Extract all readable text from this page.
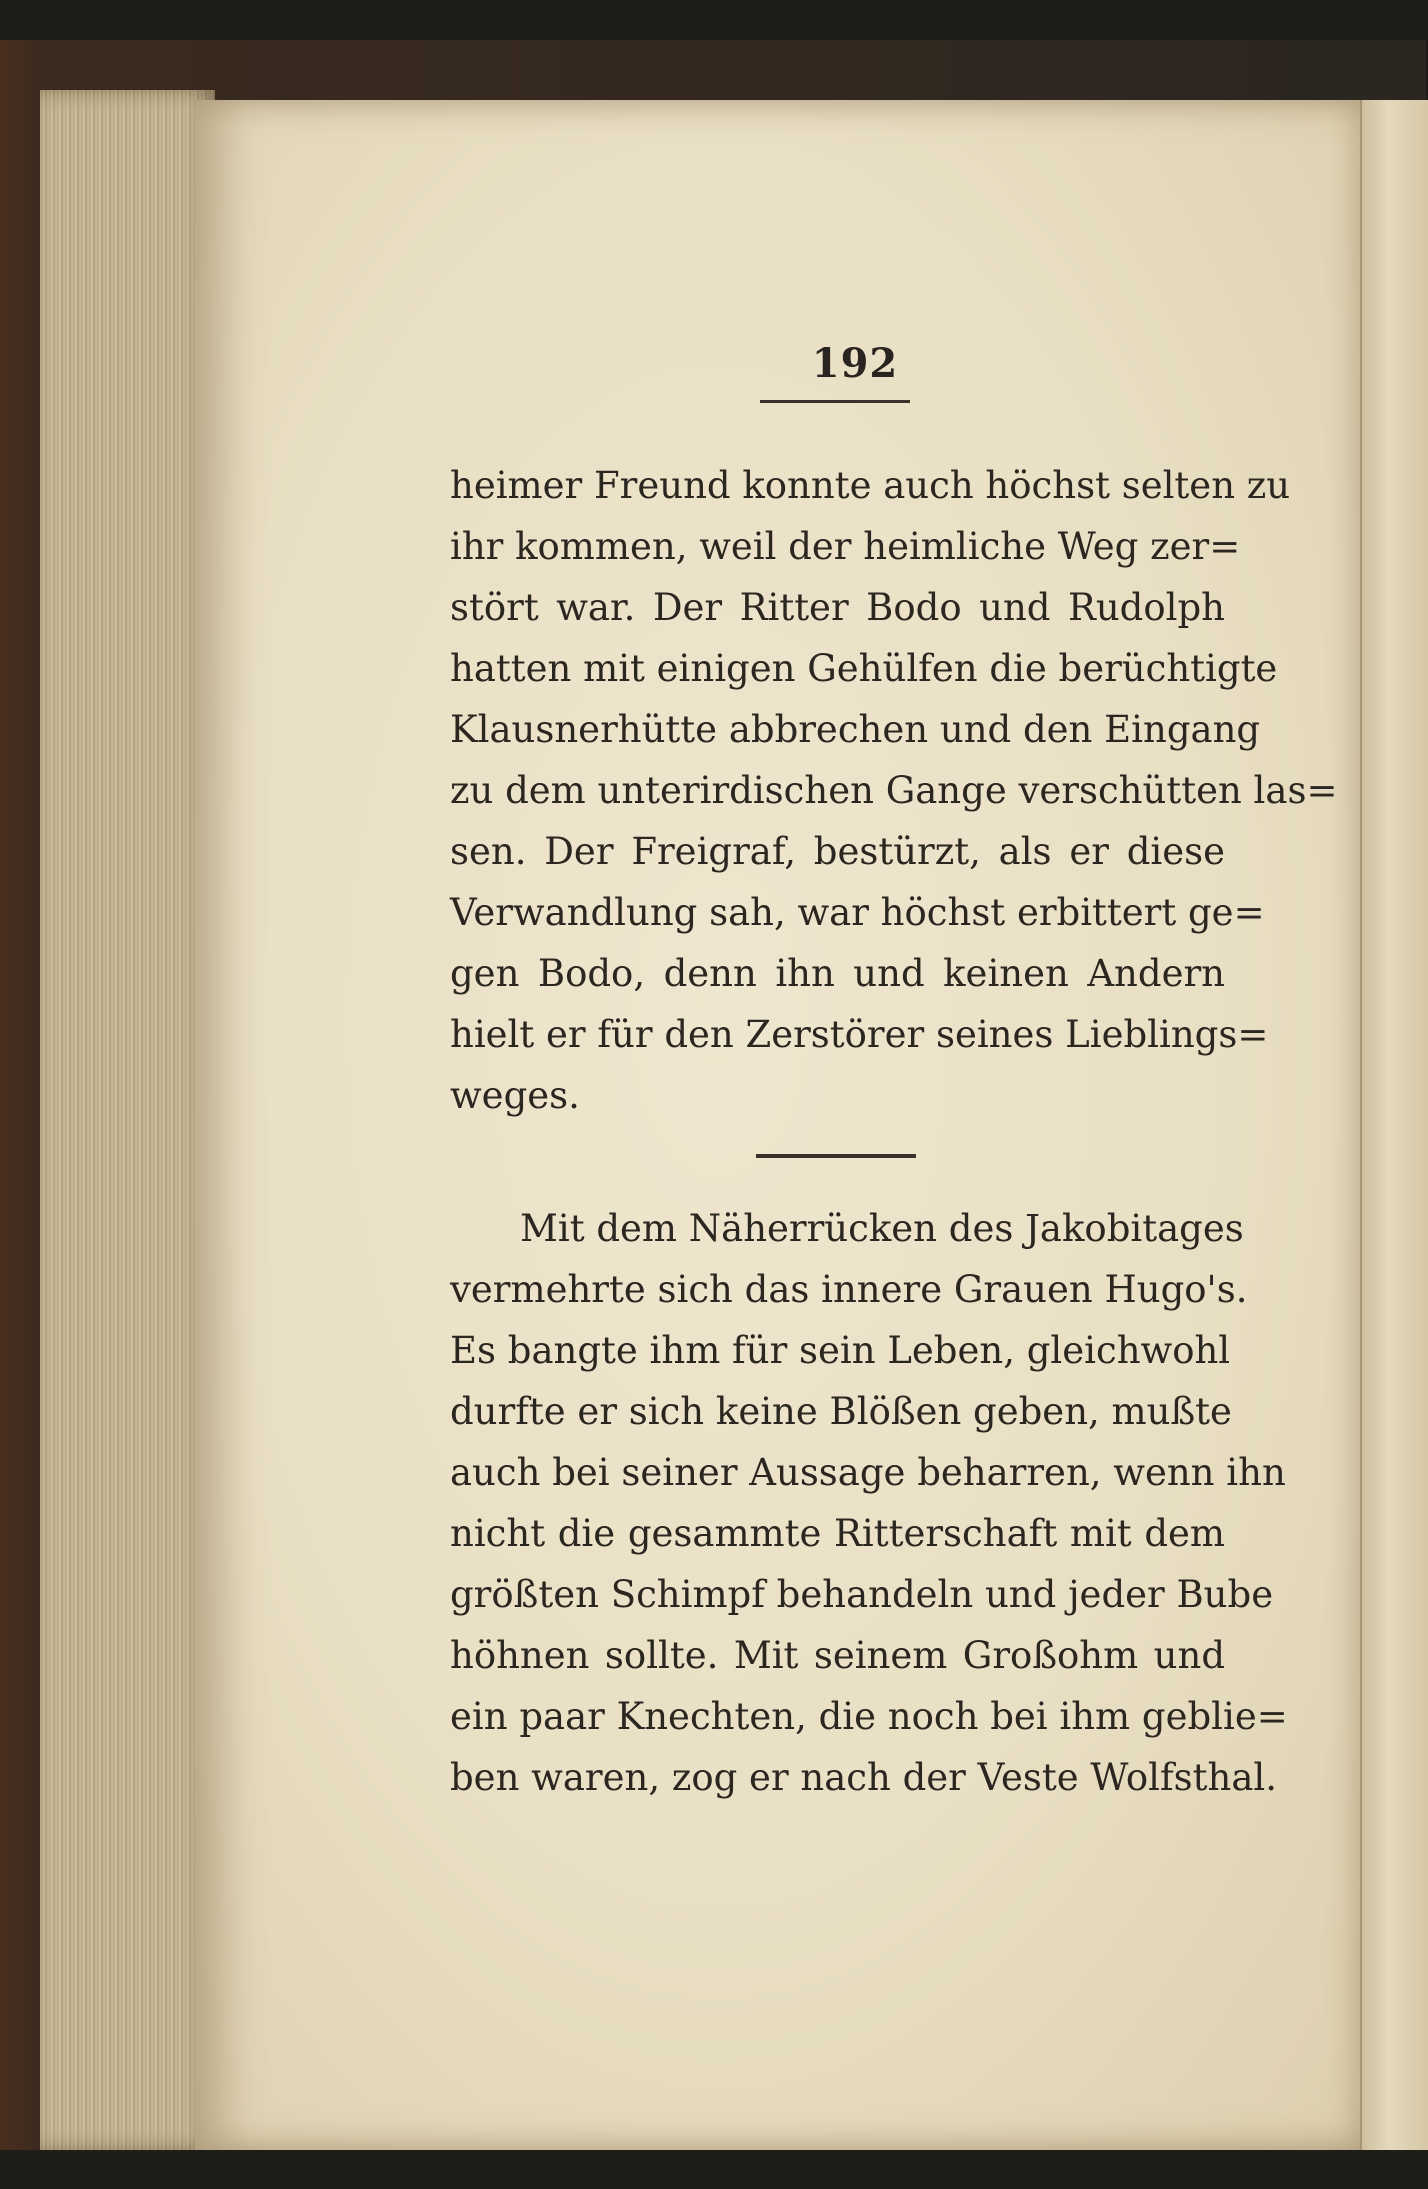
192
heimer Freund konnte auch höchst selten zu
ihr kommen, weil der heimliche Weg zer=
stört war. Der Ritter Bodo und Rudolph
hatten mit einigen Gehülfen die berüchtigte
Klausnerhütte abbrechen und den Eingang
zu dem unterirdischen Gange verschütten las=
sen. Der Freigraf, bestürzt, als er diese
Verwandlung sah, war höchst erbittert ge=
gen Bodo, denn ihn und keinen Andern
hielt er für den Zerstörer seines Lieblings=
weges.
Mit dem Näherrücken des Jakobitages
vermehrte sich das innere Grauen Hugo's.
Es bangte ihm für sein Leben, gleichwohl
durfte er sich keine Blößen geben, mußte
auch bei seiner Aussage beharren, wenn ihn
nicht die gesammte Ritterschaft mit dem
größten Schimpf behandeln und jeder Bube
höhnen sollte. Mit seinem Großohm und
ein paar Knechten, die noch bei ihm geblie=
ben waren, zog er nach der Veste Wolfsthal.
